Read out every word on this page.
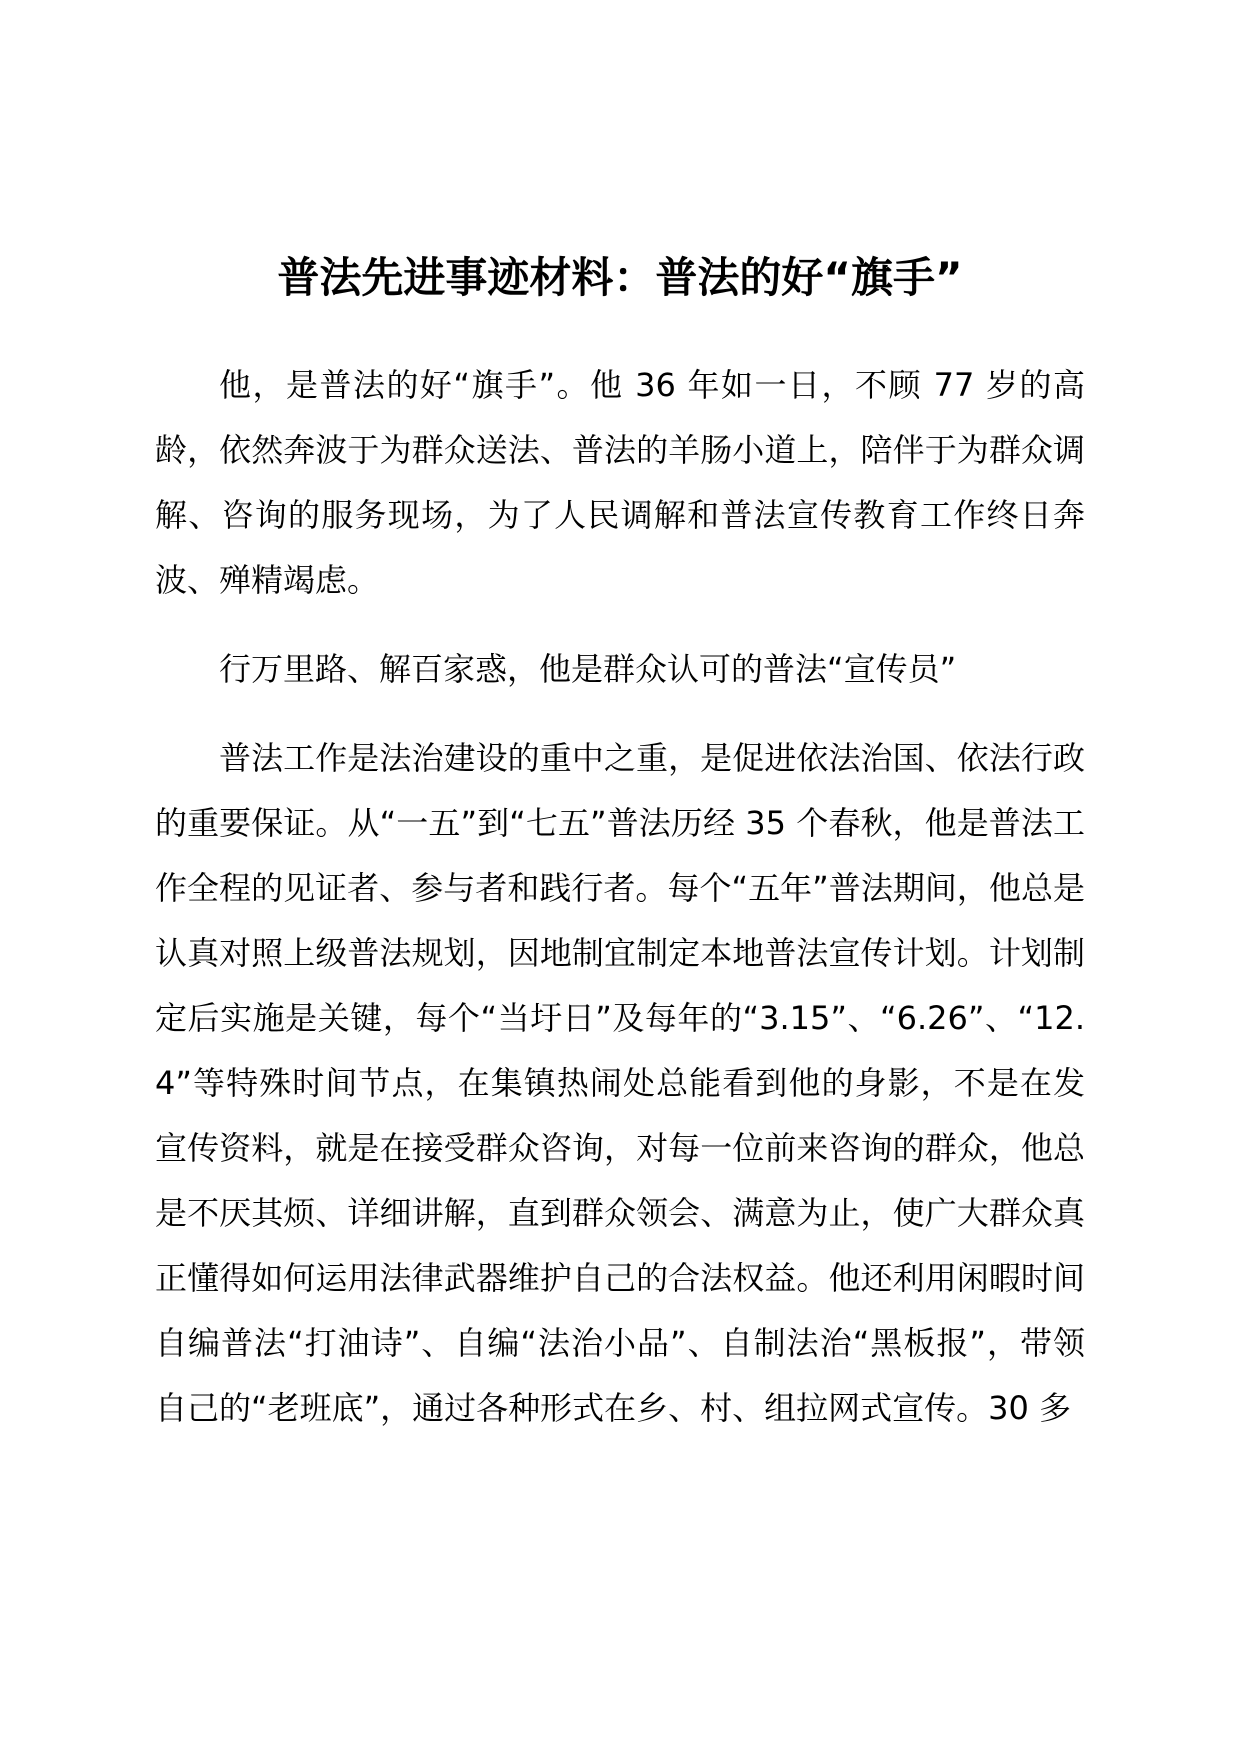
普法先进事迹材料：普法的好“旗手”

他，是普法的好“旗手”。他 36 年如一日，不顾 77 岁的高龄，依然奔波于为群众送法、普法的羊肠小道上，陪伴于为群众调解、咨询的服务现场，为了人民调解和普法宣传教育工作终日奔波、殚精竭虑。

行万里路、解百家惑，他是群众认可的普法“宣传员”

普法工作是法治建设的重中之重，是促进依法治国、依法行政的重要保证。从“一五”到“七五”普法历经 35 个春秋，他是普法工作全程的见证者、参与者和践行者。每个“五年”普法期间，他总是认真对照上级普法规划，因地制宜制定本地普法宣传计划。计划制定后实施是关键，每个“当圩日”及每年的“3.15”、“6.26”、“12.4”等特殊时间节点，在集镇热闹处总能看到他的身影，不是在发宣传资料，就是在接受群众咨询，对每一位前来咨询的群众，他总是不厌其烦、详细讲解，直到群众领会、满意为止，使广大群众真正懂得如何运用法律武器维护自己的合法权益。他还利用闲暇时间自编普法“打油诗”、自编“法治小品”、自制法治“黑板报”，带领自己的“老班底”，通过各种形式在乡、村、组拉网式宣传。30 多
